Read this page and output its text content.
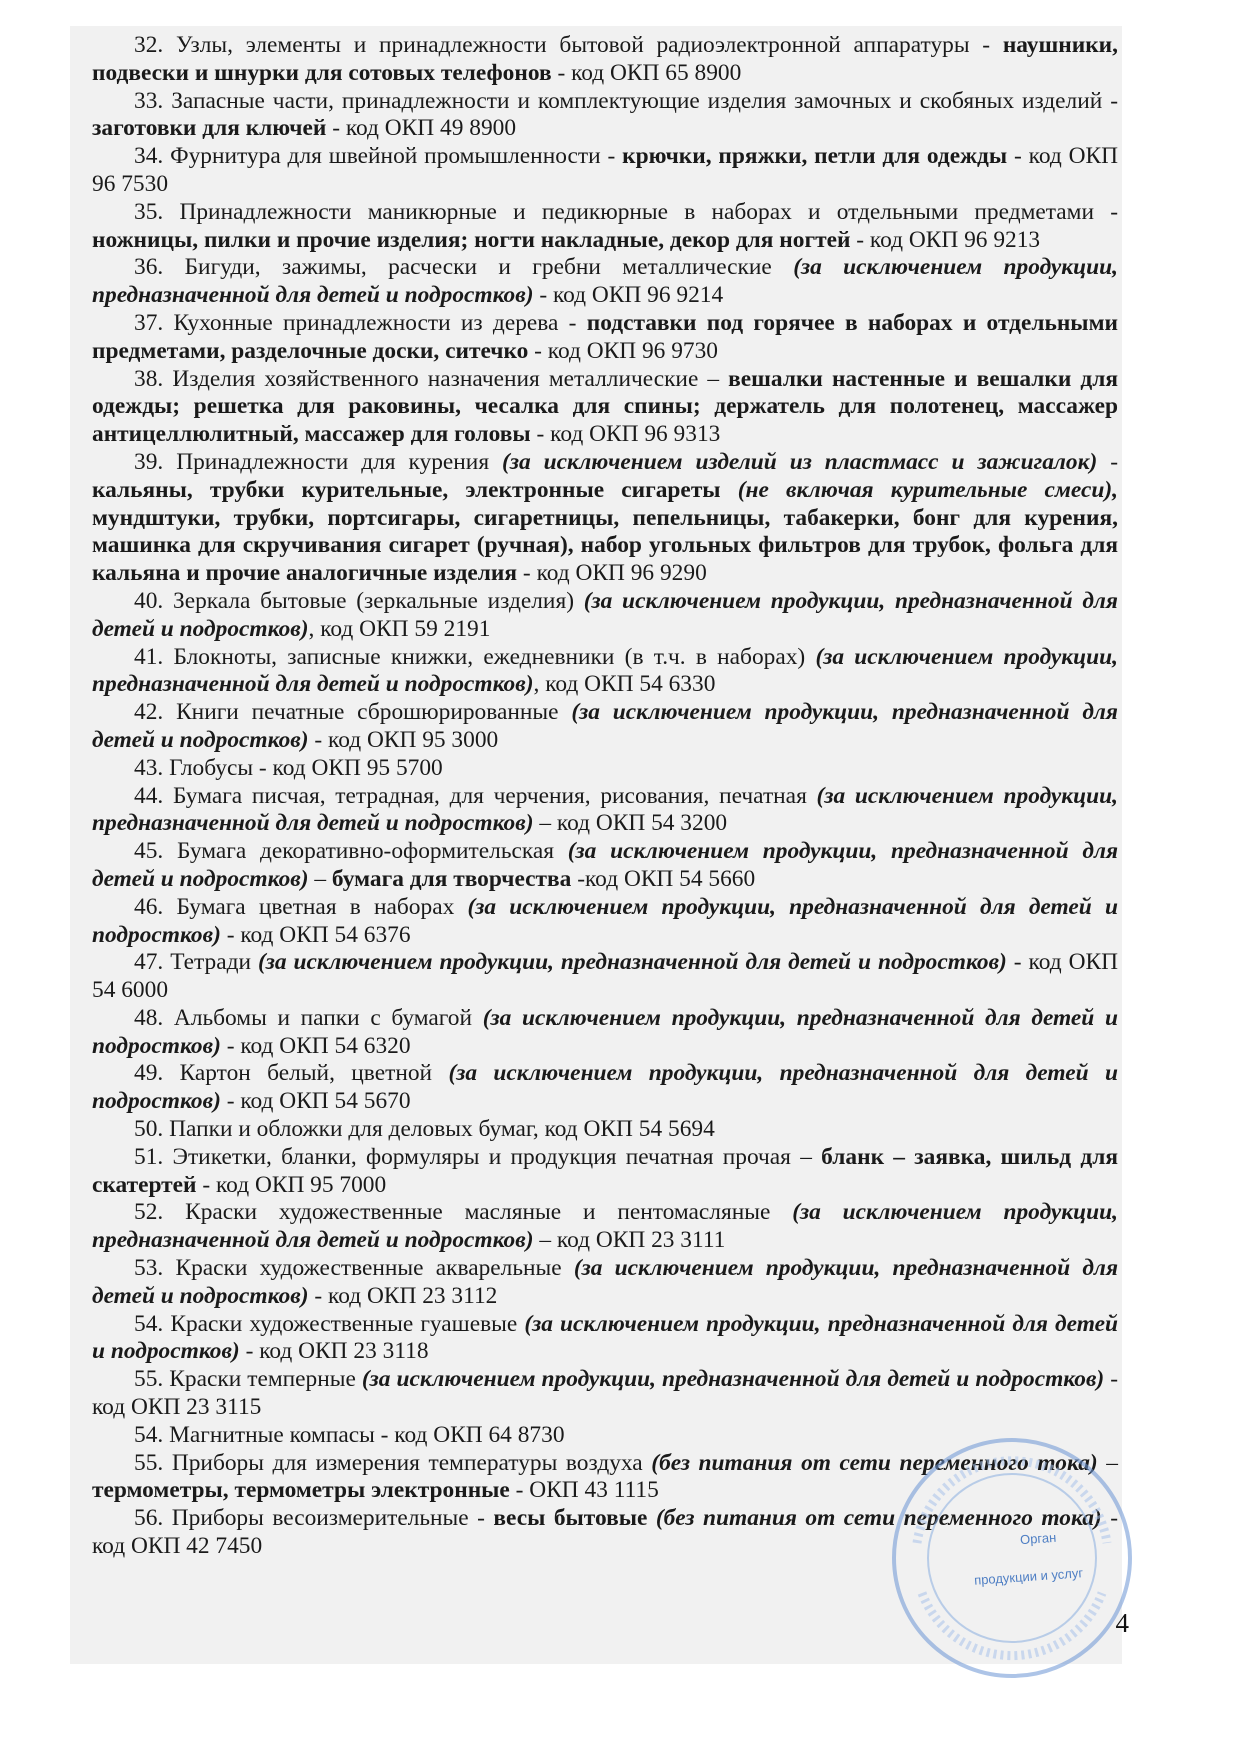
32. Узлы, элементы и принадлежности бытовой радиоэлектронной аппаратуры - наушники, подвески и шнурки для сотовых телефонов - код ОКП 65 8900

33. Запасные части, принадлежности и комплектующие изделия замочных и скобяных изделий - заготовки для ключей - код ОКП 49 8900

34. Фурнитура для швейной промышленности - крючки, пряжки, петли для одежды - код ОКП 96 7530

35. Принадлежности маникюрные и педикюрные в наборах и отдельными предметами - ножницы, пилки и прочие изделия; ногти накладные, декор для ногтей - код ОКП 96 9213

36. Бигуди, зажимы, расчески и гребни металлические (за исключением продукции, предназначенной для детей и подростков) - код ОКП 96 9214

37. Кухонные принадлежности из дерева - подставки под горячее в наборах и отдельными предметами, разделочные доски, ситечко - код ОКП 96 9730

38. Изделия хозяйственного назначения металлические – вешалки настенные и вешалки для одежды; решетка для раковины, чесалка для спины; держатель для полотенец, массажер антицеллюлитный, массажер для головы - код ОКП 96 9313

39. Принадлежности для курения (за исключением изделий из пластмасс и зажигалок) - кальяны, трубки курительные, электронные сигареты (не включая курительные смеси), мундштуки, трубки, портсигары, сигаретницы, пепельницы, табакерки, бонг для курения, машинка для скручивания сигарет (ручная), набор угольных фильтров для трубок, фольга для кальяна и прочие аналогичные изделия - код ОКП 96 9290

40. Зеркала бытовые (зеркальные изделия) (за исключением продукции, предназначенной для детей и подростков), код ОКП 59 2191

41. Блокноты, записные книжки, ежедневники (в т.ч. в наборах) (за исключением продукции, предназначенной для детей и подростков), код ОКП 54 6330

42. Книги печатные сброшюрированные (за исключением продукции, предназначенной для детей и подростков) - код ОКП 95 3000

43. Глобусы - код ОКП 95 5700

44. Бумага писчая, тетрадная, для черчения, рисования, печатная (за исключением продукции, предназначенной для детей и подростков) – код ОКП 54 3200

45. Бумага декоративно-оформительская (за исключением продукции, предназначенной для детей и подростков) – бумага для творчества -код ОКП 54 5660

46. Бумага цветная в наборах (за исключением продукции, предназначенной для детей и подростков) - код ОКП 54 6376

47. Тетради (за исключением продукции, предназначенной для детей и подростков) - код ОКП 54 6000

48. Альбомы и папки с бумагой (за исключением продукции, предназначенной для детей и подростков) - код ОКП 54 6320

49. Картон белый, цветной (за исключением продукции, предназначенной для детей и подростков) - код ОКП 54 5670

50. Папки и обложки для деловых бумаг, код ОКП 54 5694

51. Этикетки, бланки, формуляры и продукция печатная прочая – бланк – заявка, шильд для скатертей - код ОКП 95 7000

52. Краски художественные масляные и пентомасляные (за исключением продукции, предназначенной для детей и подростков) – код ОКП 23 3111

53. Краски художественные акварельные (за исключением продукции, предназначенной для детей и подростков) - код ОКП 23 3112

54. Краски художественные гуашевые (за исключением продукции, предназначенной для детей и подростков) - код ОКП 23 3118

55. Краски темперные (за исключением продукции, предназначенной для детей и подростков) - код ОКП 23 3115

54. Магнитные компасы - код ОКП 64 8730

55. Приборы для измерения температуры воздуха (без питания от сети переменного тока) – термометры, термометры электронные - ОКП 43 1115

56. Приборы весоизмерительные - весы бытовые (без питания от сети переменного тока) - код ОКП 42 7450	Орган
продукции и услуг
4
